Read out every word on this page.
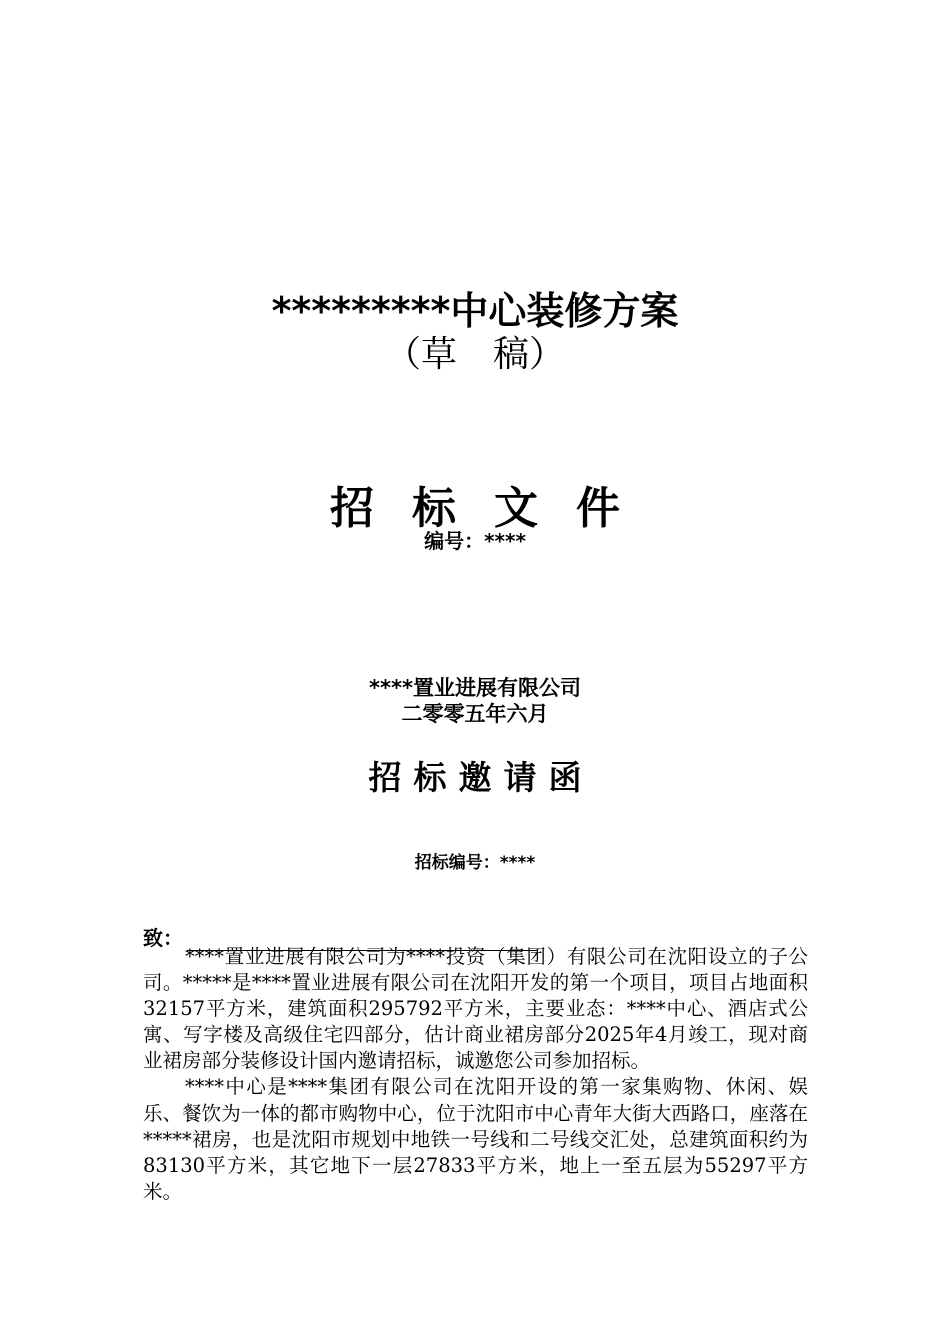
*********中心装修方案
（草　稿）
招 标 文 件
编号：****
****置业进展有限公司
二零零五年六月
招 标 邀 请 函
招标编号：****
致：

****置业进展有限公司为****投资（集团）有限公司在沈阳设立的子公司。*****是****置业进展有限公司在沈阳开发的第一个项目，项目占地面积32157平方米，建筑面积295792平方米，主要业态：****中心、酒店式公寓、写字楼及高级住宅四部分，估计商业裙房部分2025年4月竣工，现对商业裙房部分装修设计国内邀请招标，诚邀您公司参加招标。

****中心是****集团有限公司在沈阳开设的第一家集购物、休闲、娱乐、餐饮为一体的都市购物中心，位于沈阳市中心青年大街大西路口，座落在*****裙房，也是沈阳市规划中地铁一号线和二号线交汇处，总建筑面积约为83130平方米，其它地下一层27833平方米，地上一至五层为55297平方米。
